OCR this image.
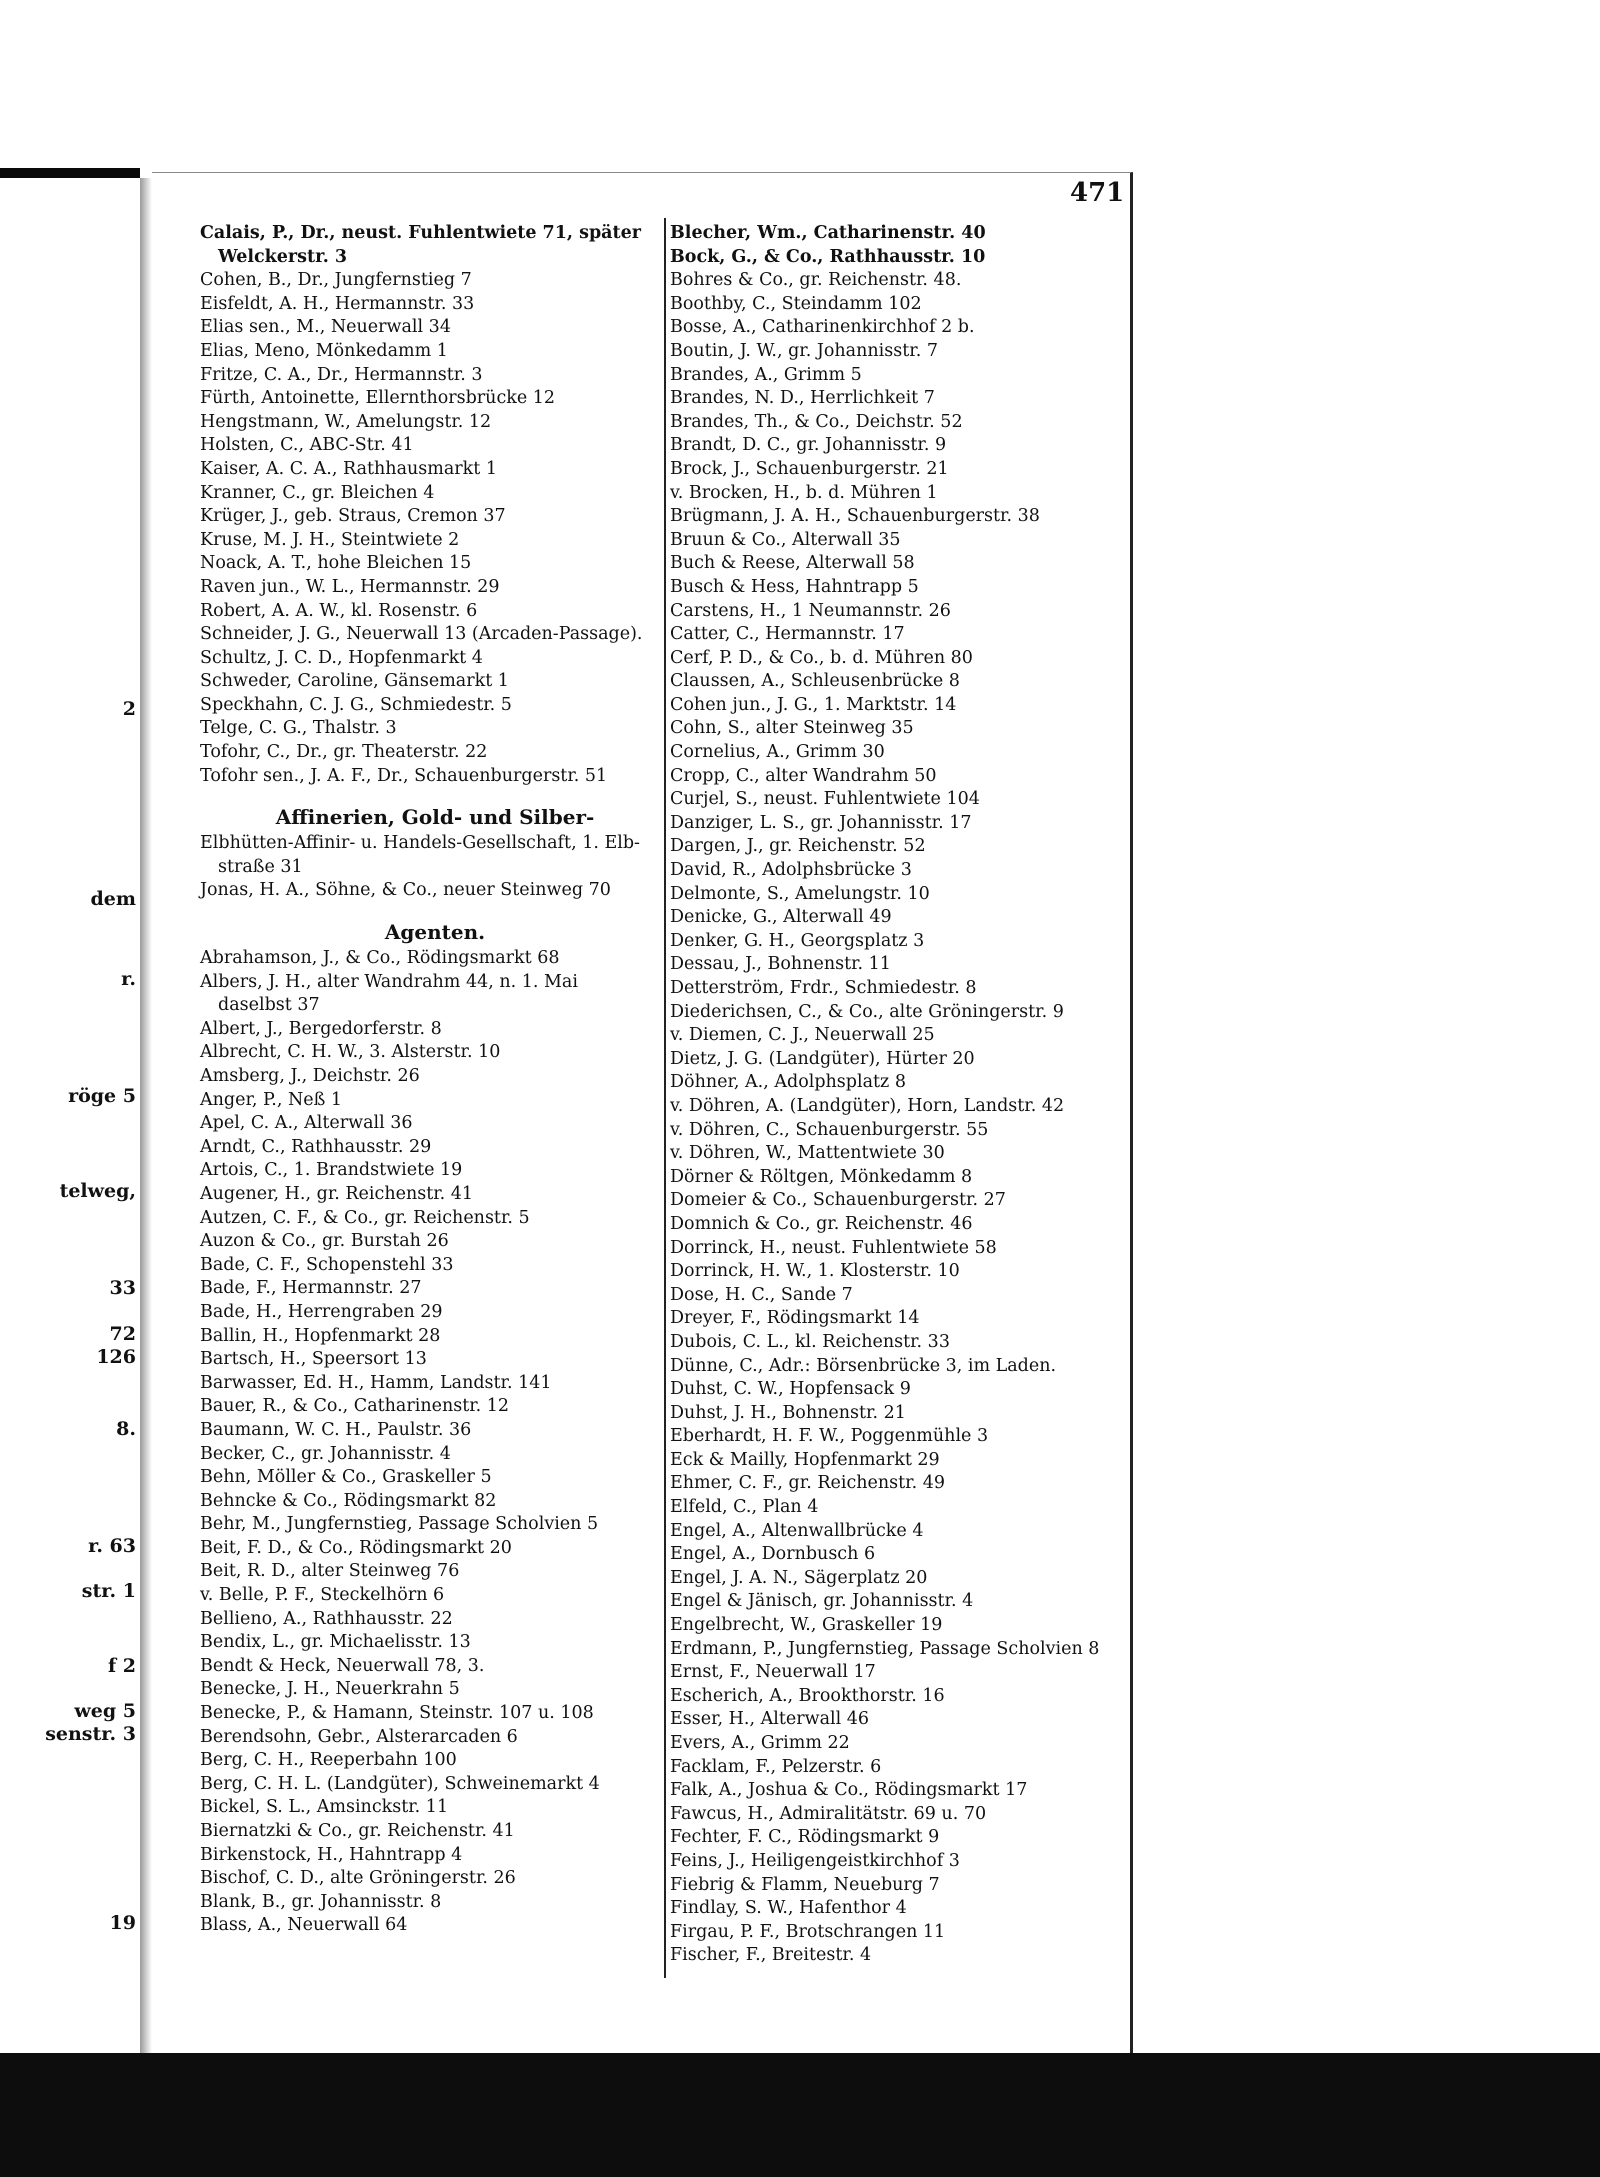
2
dem
r.
röge 5
telweg,
33
72
126
8.
r. 63
str. 1
f 2
weg 5
senstr. 3
19
471
Calais, P., Dr., neust. Fuhlentwiete 71, später
Welckerstr. 3
Cohen, B., Dr., Jungfernstieg 7
Eisfeldt, A. H., Hermannstr. 33
Elias sen., M., Neuerwall 34
Elias, Meno, Mönkedamm 1
Fritze, C. A., Dr., Hermannstr. 3
Fürth, Antoinette, Ellernthorsbrücke 12
Hengstmann, W., Amelungstr. 12
Holsten, C., ABC-Str. 41
Kaiser, A. C. A., Rathhausmarkt 1
Kranner, C., gr. Bleichen 4
Krüger, J., geb. Straus, Cremon 37
Kruse, M. J. H., Steintwiete 2
Noack, A. T., hohe Bleichen 15
Raven jun., W. L., Hermannstr. 29
Robert, A. A. W., kl. Rosenstr. 6
Schneider, J. G., Neuerwall 13 (Arcaden-Passage).
Schultz, J. C. D., Hopfenmarkt 4
Schweder, Caroline, Gänsemarkt 1
Speckhahn, C. J. G., Schmiedestr. 5
Telge, C. G., Thalstr. 3
Tofohr, C., Dr., gr. Theaterstr. 22
Tofohr sen., J. A. F., Dr., Schauenburgerstr. 51
Affinerien, Gold- und Silber-
Elbhütten-Affinir- u. Handels-Gesellschaft, 1. Elb-
straße 31
Jonas, H. A., Söhne, & Co., neuer Steinweg 70
Agenten.
Abrahamson, J., & Co., Rödingsmarkt 68
Albers, J. H., alter Wandrahm 44, n. 1. Mai
daselbst 37
Albert, J., Bergedorferstr. 8
Albrecht, C. H. W., 3. Alsterstr. 10
Amsberg, J., Deichstr. 26
Anger, P., Neß 1
Apel, C. A., Alterwall 36
Arndt, C., Rathhausstr. 29
Artois, C., 1. Brandstwiete 19
Augener, H., gr. Reichenstr. 41
Autzen, C. F., & Co., gr. Reichenstr. 5
Auzon & Co., gr. Burstah 26
Bade, C. F., Schopenstehl 33
Bade, F., Hermannstr. 27
Bade, H., Herrengraben 29
Ballin, H., Hopfenmarkt 28
Bartsch, H., Speersort 13
Barwasser, Ed. H., Hamm, Landstr. 141
Bauer, R., & Co., Catharinenstr. 12
Baumann, W. C. H., Paulstr. 36
Becker, C., gr. Johannisstr. 4
Behn, Möller & Co., Graskeller 5
Behncke & Co., Rödingsmarkt 82
Behr, M., Jungfernstieg, Passage Scholvien 5
Beit, F. D., & Co., Rödingsmarkt 20
Beit, R. D., alter Steinweg 76
v. Belle, P. F., Steckelhörn 6
Bellieno, A., Rathhausstr. 22
Bendix, L., gr. Michaelisstr. 13
Bendt & Heck, Neuerwall 78, 3.
Benecke, J. H., Neuerkrahn 5
Benecke, P., & Hamann, Steinstr. 107 u. 108
Berendsohn, Gebr., Alsterarcaden 6
Berg, C. H., Reeperbahn 100
Berg, C. H. L. (Landgüter), Schweinemarkt 4
Bickel, S. L., Amsinckstr. 11
Biernatzki & Co., gr. Reichenstr. 41
Birkenstock, H., Hahntrapp 4
Bischof, C. D., alte Gröningerstr. 26
Blank, B., gr. Johannisstr. 8
Blass, A., Neuerwall 64
Blecher, Wm., Catharinenstr. 40
Bock, G., & Co., Rathhausstr. 10
Bohres & Co., gr. Reichenstr. 48.
Boothby, C., Steindamm 102
Bosse, A., Catharinenkirchhof 2 b.
Boutin, J. W., gr. Johannisstr. 7
Brandes, A., Grimm 5
Brandes, N. D., Herrlichkeit 7
Brandes, Th., & Co., Deichstr. 52
Brandt, D. C., gr. Johannisstr. 9
Brock, J., Schauenburgerstr. 21
v. Brocken, H., b. d. Mühren 1
Brügmann, J. A. H., Schauenburgerstr. 38
Bruun & Co., Alterwall 35
Buch & Reese, Alterwall 58
Busch & Hess, Hahntrapp 5
Carstens, H., 1 Neumannstr. 26
Catter, C., Hermannstr. 17
Cerf, P. D., & Co., b. d. Mühren 80
Claussen, A., Schleusenbrücke 8
Cohen jun., J. G., 1. Marktstr. 14
Cohn, S., alter Steinweg 35
Cornelius, A., Grimm 30
Cropp, C., alter Wandrahm 50
Curjel, S., neust. Fuhlentwiete 104
Danziger, L. S., gr. Johannisstr. 17
Dargen, J., gr. Reichenstr. 52
David, R., Adolphsbrücke 3
Delmonte, S., Amelungstr. 10
Denicke, G., Alterwall 49
Denker, G. H., Georgsplatz 3
Dessau, J., Bohnenstr. 11
Detterström, Frdr., Schmiedestr. 8
Diederichsen, C., & Co., alte Gröningerstr. 9
v. Diemen, C. J., Neuerwall 25
Dietz, J. G. (Landgüter), Hürter 20
Döhner, A., Adolphsplatz 8
v. Döhren, A. (Landgüter), Horn, Landstr. 42
v. Döhren, C., Schauenburgerstr. 55
v. Döhren, W., Mattentwiete 30
Dörner & Röltgen, Mönkedamm 8
Domeier & Co., Schauenburgerstr. 27
Domnich & Co., gr. Reichenstr. 46
Dorrinck, H., neust. Fuhlentwiete 58
Dorrinck, H. W., 1. Klosterstr. 10
Dose, H. C., Sande 7
Dreyer, F., Rödingsmarkt 14
Dubois, C. L., kl. Reichenstr. 33
Dünne, C., Adr.: Börsenbrücke 3, im Laden.
Duhst, C. W., Hopfensack 9
Duhst, J. H., Bohnenstr. 21
Eberhardt, H. F. W., Poggenmühle 3
Eck & Mailly, Hopfenmarkt 29
Ehmer, C. F., gr. Reichenstr. 49
Elfeld, C., Plan 4
Engel, A., Altenwallbrücke 4
Engel, A., Dornbusch 6
Engel, J. A. N., Sägerplatz 20
Engel & Jänisch, gr. Johannisstr. 4
Engelbrecht, W., Graskeller 19
Erdmann, P., Jungfernstieg, Passage Scholvien 8
Ernst, F., Neuerwall 17
Escherich, A., Brookthorstr. 16
Esser, H., Alterwall 46
Evers, A., Grimm 22
Facklam, F., Pelzerstr. 6
Falk, A., Joshua & Co., Rödingsmarkt 17
Fawcus, H., Admiralitätstr. 69 u. 70
Fechter, F. C., Rödingsmarkt 9
Feins, J., Heiligengeistkirchhof 3
Fiebrig & Flamm, Neueburg 7
Findlay, S. W., Hafenthor 4
Firgau, P. F., Brotschrangen 11
Fischer, F., Breitestr. 4
